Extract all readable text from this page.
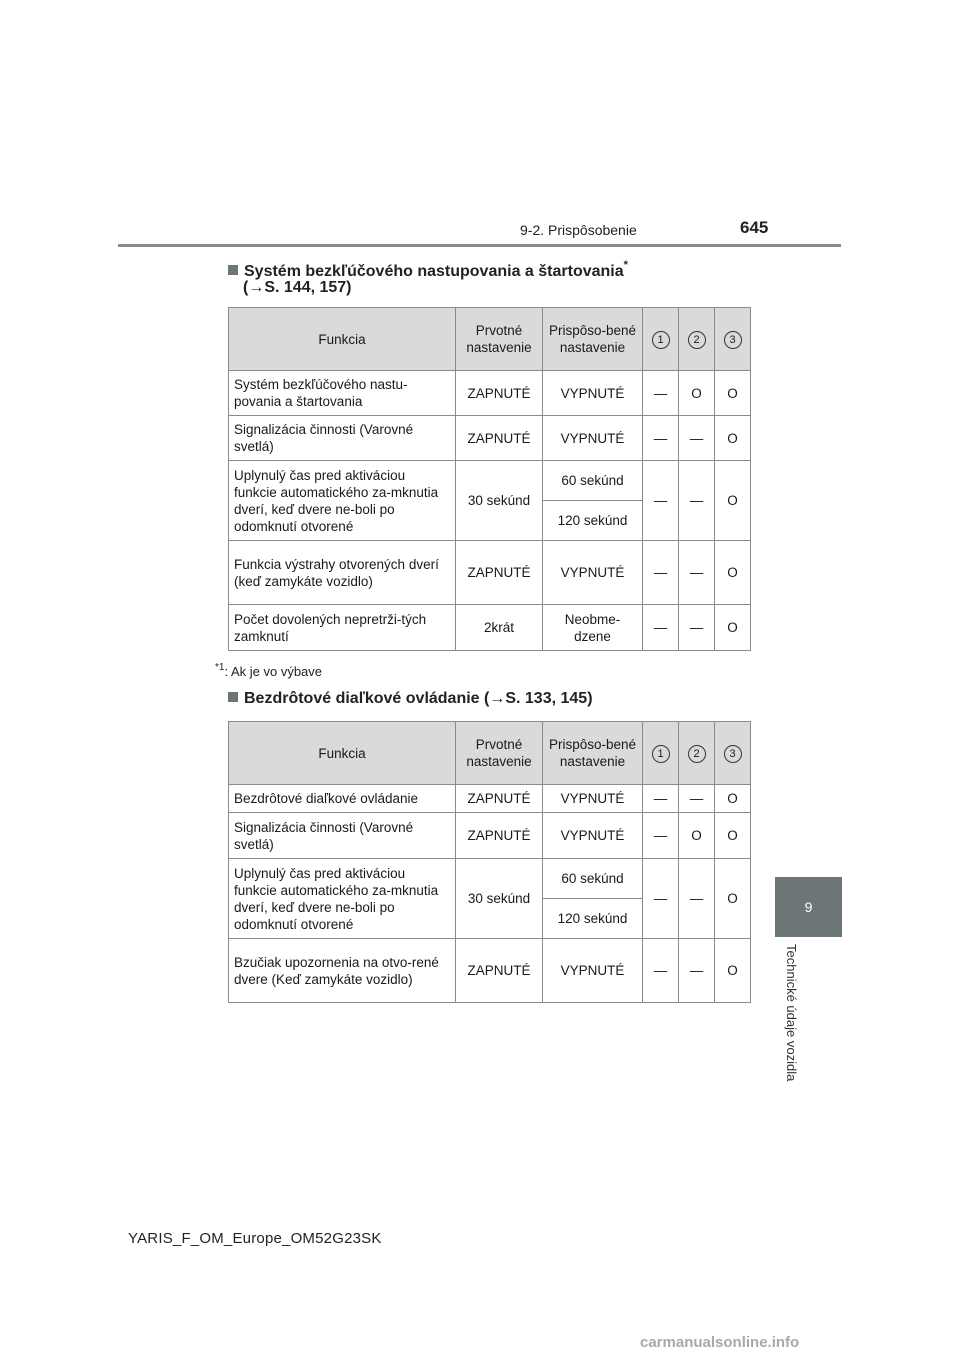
9-2. Prispôsobenie	645
9
Technické údaje vozidla
Systém bezkľúčového nastupovania a štartovania*
(→S. 144, 157)
Funkcia	Prvotné nastavenie	Prispôso-bené nastavenie	1	2	3
Systém bezkľúčového nastu-povania a štartovania	ZAPNUTÉ	VYPNUTÉ	—	O	O
Signalizácia činnosti (Varovné svetlá)	ZAPNUTÉ	VYPNUTÉ	—	—	O
Uplynulý čas pred aktiváciou funkcie automatického za-mknutia dverí, keď dvere ne-boli po odomknutí otvorené	30 sekúnd	60 sekúnd	—	—	O
		120 sekúnd			
Funkcia výstrahy otvorených dverí (keď zamykáte vozidlo)	ZAPNUTÉ	VYPNUTÉ	—	—	O
Počet dovolených nepretrži-tých zamknutí	2krát	Neobme-dzene	—	—	O
$^{*1}$: Ak je vo výbave
Bezdrôtové diaľkové ovládanie (→S. 133, 145)
Funkcia	Prvotné nastavenie	Prispôso-bené nastavenie	1	2	3
Bezdrôtové diaľkové ovládanie	ZAPNUTÉ	VYPNUTÉ	—	—	O
Signalizácia činnosti (Varovné svetlá)	ZAPNUTÉ	VYPNUTÉ	—	O	O
Uplynulý čas pred aktiváciou funkcie automatického za-mknutia dverí, keď dvere ne-boli po odomknutí otvorené	30 sekúnd	60 sekúnd	—	—	O
		120 sekúnd			
Bzučiak upozornenia na otvo-rené dvere (Keď zamykáte vozidlo)	ZAPNUTÉ	VYPNUTÉ	—	—	O
YARIS_F_OM_Europe_OM52G23SK
carmanualsonline.info
